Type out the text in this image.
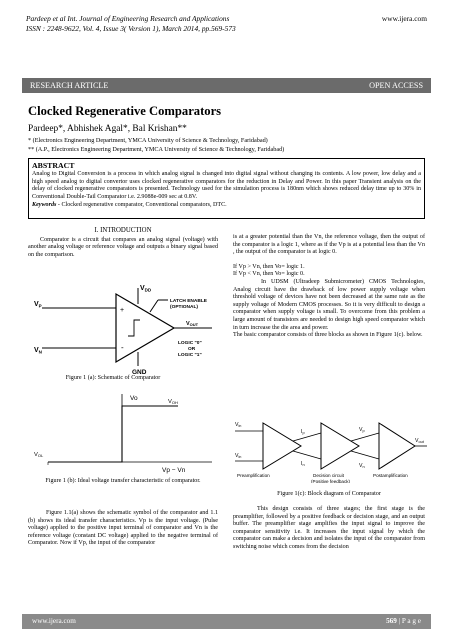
Pardeep et al Int. Journal of Engineering Research and Applications
ISSN : 2248-9622, Vol. 4, Issue 3( Version 1), March 2014, pp.569-573
www.ijera.com
RESEARCH ARTICLE	OPEN ACCESS
Clocked Regenerative Comparators
Pardeep*, Abhishek Agal*, Bal Krishan**
* (Electronics Engineering Department, YMCA University of Science & Technology, Faridabad)
** (A.P., Electronics Engineering Department, YMCA University of Science & Technology, Faridabad)
ABSTRACT
Analog to Digital Conversion is a process in which analog signal is changed into digital signal without changing its contents. A low power, low delay and a high speed analog to digital convertor uses clocked regenerative comparators for the reduction in Delay and Power. In this paper Transient analysis on the delay of clocked regenerative comparators is presented. Technology used for the simulation process is 180nm which shows reduced delay time up to 30% in Conventional Double-Tail Comparator i.e. 2.9088e-009 sec at 0.8V.
Keywords - Clocked regenerative comparator, Conventional comparators, DTC.
I. INTRODUCTION

Comparator is a circuit that compares an analog signal (voltage) with another analog voltage or reference voltage and outputs a binary signal based on the comparison.

+
-
$V_P$
$V_N$
$V_{DD}$
GND
LATCH ENABLE
(OPTIONAL)
$V_{OUT}$
LOGIC "0"
OR
LOGIC "1"
Figure 1 (a): Schematic of Comparator
Vo	$V_{OH}$
$V_{OL}$
Vp − Vn
Figure 1 (b): Ideal voltage transfer characteristic of comparator.

Figure 1.1(a) shows the schematic symbol of the comparator and 1.1 (b) shows its ideal transfer characteristics. Vp is the input voltage. (Pulse voltage) applied to the positive input terminal of comparator and Vn is the reference voltage (constant DC voltage) applied to the negative terminal of Comparator. Now if Vp, the input of the comparator

is at a greater potential than the Vn, the reference voltage, then the output of the comparator is a logic 1, where as if the Vp is at a potential less than the Vn , the output of the comparator is at logic 0.

If Vp > Vn, then Vo= logic 1.

If Vp < Vn, then Vo= logic 0.

In UDSM (Ultradeep Submicrometer) CMOS Technologies, Analog circuit have the drawback of low power supply voltage when threshold voltage of devices have not been decreased at the same rate as the supply voltage of Modern CMOS processes. So it is very difficult to design a comparator when supply voltage is small. To overcome from this problem a large amount of transistors are needed to design high speed comparator which in turn increase the die area and power.

The basic comparator consists of three blocks as shown in Figure 1(c). below.

Vin
Vin
Ip
In
Vp
Vn
Vout
Preamplification	Decision circuit
(Positive feedback)
Postamplification
Figure 1(c): Block diagram of Comparator

This design consists of three stages; the first stage is the preamplifier, followed by a positive feedback or decision stage, and an output buffer. The preamplifier stage amplifies the input signal to improve the comparator sensitivity i.e. It increases the input signal by which the comparator can make a decision and isolates the input of the comparator from switching noise which comes from the decision

www.ijera.com	569 | P a g e
